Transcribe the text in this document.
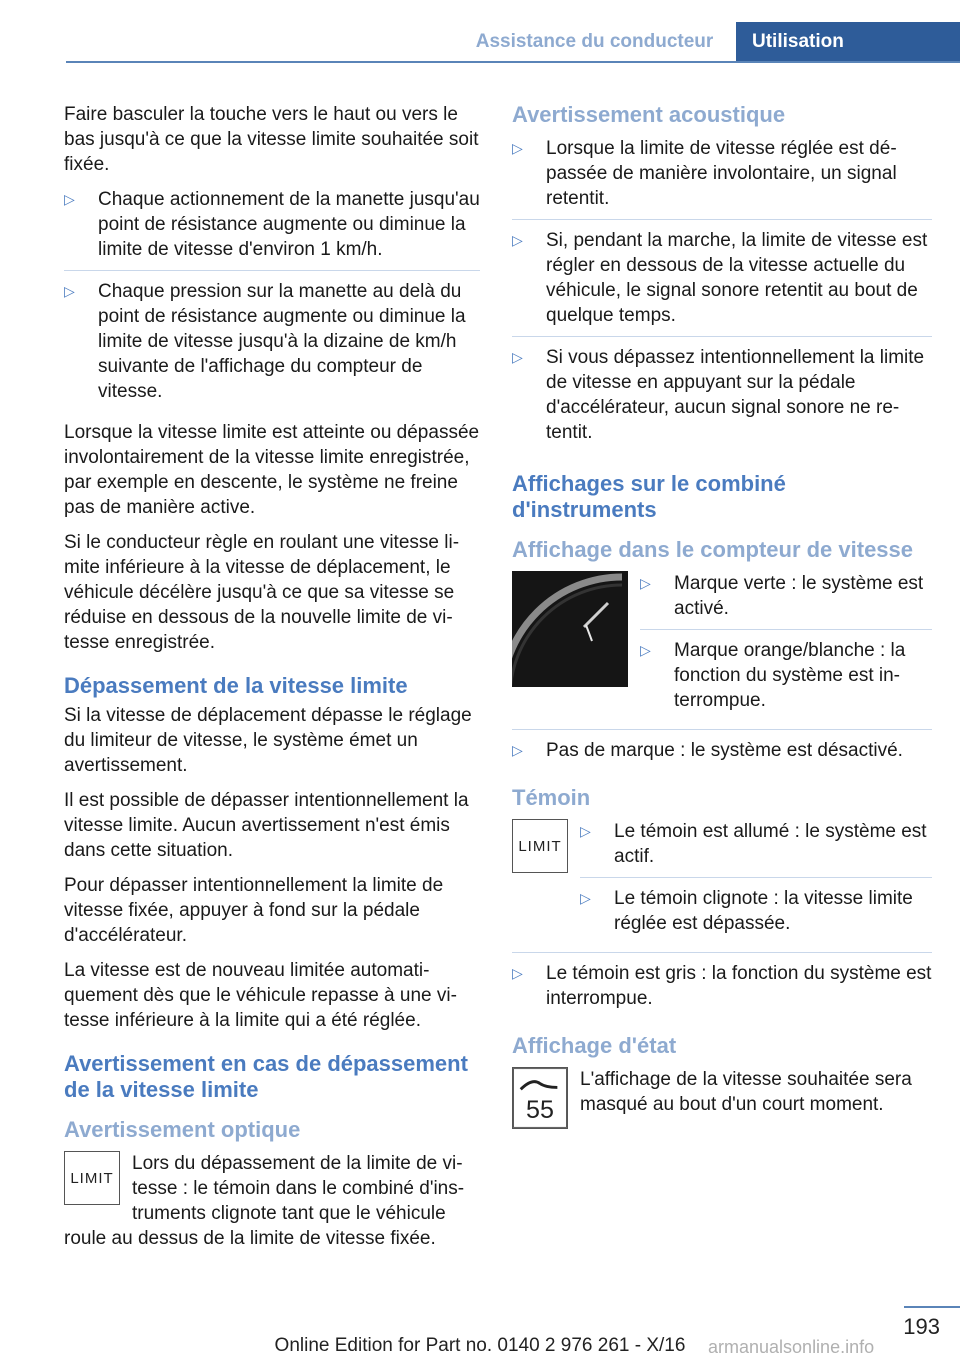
Assistance du conducteur	Utilisation

Faire basculer la touche vers le haut ou vers le bas jusqu'à ce que la vitesse limite souhaitée soit fixée.

▷ Chaque actionnement de la manette jusqu'au point de résistance augmente ou diminue la limite de vitesse d'environ 1 km/h.
▷ Chaque pression sur la manette au delà du point de résistance augmente ou diminue la limite de vitesse jusqu'à la dizaine de km/h suivante de l'affichage du compteur de vitesse.

Lorsque la vitesse limite est atteinte ou dépassée involontairement de la vitesse limite enregistrée, par exemple en descente, le système ne freine pas de manière active.

Si le conducteur règle en roulant une vitesse limite inférieure à la vitesse de déplacement, le véhicule décélère jusqu'à ce que sa vitesse se réduise en dessous de la nouvelle limite de vitesse enregistrée.

Dépassement de la vitesse limite

Si la vitesse de déplacement dépasse le réglage du limiteur de vitesse, le système émet un avertissement.

Il est possible de dépasser intentionnellement la vitesse limite. Aucun avertissement n'est émis dans cette situation.

Pour dépasser intentionnellement la limite de vitesse fixée, appuyer à fond sur la pédale d'accélérateur.

La vitesse est de nouveau limitée automatiquement dès que le véhicule repasse à une vitesse inférieure à la limite qui a été réglée.

Avertissement en cas de dépassement de la vitesse limite
Avertissement optique
LIMIT

Lors du dépassement de la limite de vitesse : le témoin dans le combiné d'instruments clignote tant que le véhicule

roule au dessus de la limite de vitesse fixée.

Avertissement acoustique
▷ Lorsque la limite de vitesse réglée est dépassée de manière involontaire, un signal retentit.
▷ Si, pendant la marche, la limite de vitesse est régler en dessous de la vitesse actuelle du véhicule, le signal sonore retentit au bout de quelque temps.
▷ Si vous dépassez intentionnellement la limite de vitesse en appuyant sur la pédale d'accélérateur, aucun signal sonore ne retentit.
Affichages sur le combiné d'instruments
Affichage dans le compteur de vitesse
▷ Marque verte : le système est activé.
▷ Marque orange/blanche : la fonction du système est interrompue.
▷ Pas de marque : le système est désactivé.
Témoin
LIMIT
▷ Le témoin est allumé : le système est actif.
▷ Le témoin clignote : la vitesse limite réglée est dépassée.
▷ Le témoin est gris : la fonction du système est interrompue.
Affichage d'état
55

L'affichage de la vitesse souhaitée sera masqué au bout d'un court moment.

193
Online Edition for Part no. 0140 2 976 261 - X/16	armanualsonline.info
